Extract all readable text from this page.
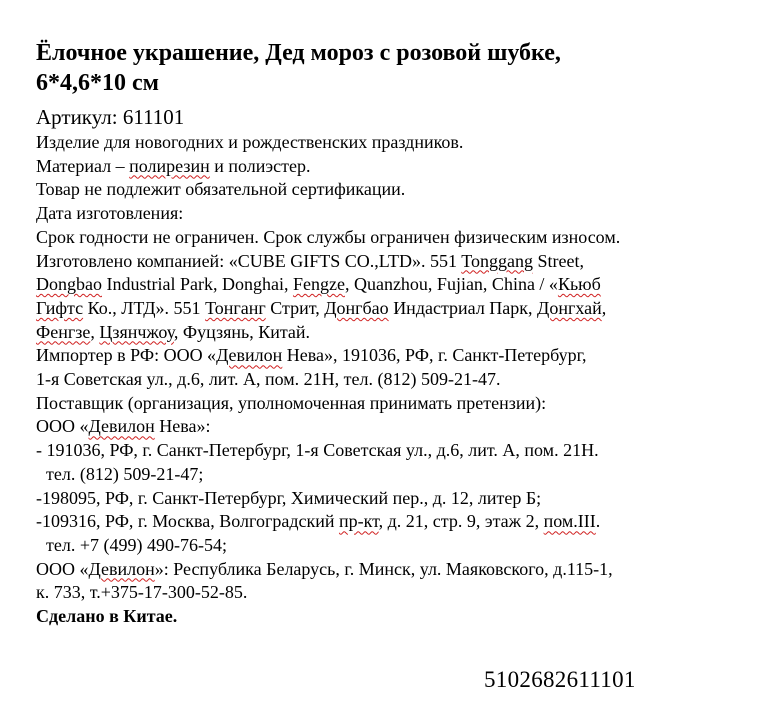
Ёлочное украшение, Дед мороз с розовой шубке,
6*4,6*10 см
Артикул: 611101
Изделие для новогодних и рождественских праздников.
Материал – полирезин и полиэстер.
Товар не подлежит обязательной сертификации.
Дата изготовления:
Срок годности не ограничен. Срок службы ограничен физическим износом.
Изготовлено компанией: «CUBE GIFTS CO.,LTD». 551 Tonggang Street,
Dongbao Industrial Park, Donghai, Fengze, Quanzhou, Fujian, China / «Кьюб
Гифтс Ко., ЛТД». 551 Тонганг Стрит, Донгбао Индастриал Парк, Донгхай,
Фенгзе, Цзянчжоу, Фуцзянь, Китай.
Импортер в РФ: ООО «Девилон Нева», 191036, РФ, г. Санкт-Петербург,
1-я Советская ул., д.6, лит. А, пом. 21Н, тел. (812) 509-21-47.
Поставщик (организация, уполномоченная принимать претензии):
ООО «Девилон Нева»:
- 191036, РФ, г. Санкт-Петербург, 1-я Советская ул., д.6, лит. А, пом. 21Н.
тел. (812) 509-21-47;
-198095, РФ, г. Санкт-Петербург, Химический пер., д. 12, литер Б;
-109316, РФ, г. Москва, Волгоградский пр-кт, д. 21, стр. 9, этаж 2, пом.III.
тел. +7 (499) 490-76-54;
ООО «Девилон»: Республика Беларусь, г. Минск, ул. Маяковского, д.115-1,
к. 733, т.+375-17-300-52-85.
Сделано в Китае.
5102682611101
